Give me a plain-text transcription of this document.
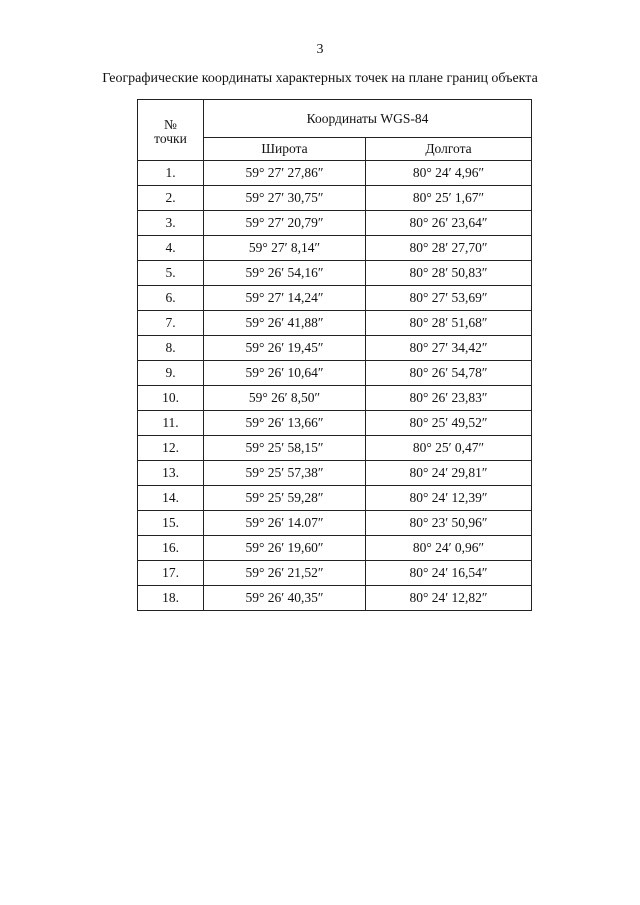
3
Географические координаты характерных точек на плане границ объекта
№
точки	Координаты WGS-84	
	Широта	Долгота
1.	59° 27′ 27,86″	80° 24′ 4,96″
2.	59° 27′ 30,75″	80° 25′ 1,67″
3.	59° 27′ 20,79″	80° 26′ 23,64″
4.	59° 27′ 8,14″	80° 28′ 27,70″
5.	59° 26′ 54,16″	80° 28′ 50,83″
6.	59° 27′ 14,24″	80° 27′ 53,69″
7.	59° 26′ 41,88″	80° 28′ 51,68″
8.	59° 26′ 19,45″	80° 27′ 34,42″
9.	59° 26′ 10,64″	80° 26′ 54,78″
10.	59° 26′ 8,50″	80° 26′ 23,83″
11.	59° 26′ 13,66″	80° 25′ 49,52″
12.	59° 25′ 58,15″	80° 25′ 0,47″
13.	59° 25′ 57,38″	80° 24′ 29,81″
14.	59° 25′ 59,28″	80° 24′ 12,39″
15.	59° 26′ 14.07″	80° 23′ 50,96″
16.	59° 26′ 19,60″	80° 24′ 0,96″
17.	59° 26′ 21,52″	80° 24′ 16,54″
18.	59° 26′ 40,35″	80° 24′ 12,82″
